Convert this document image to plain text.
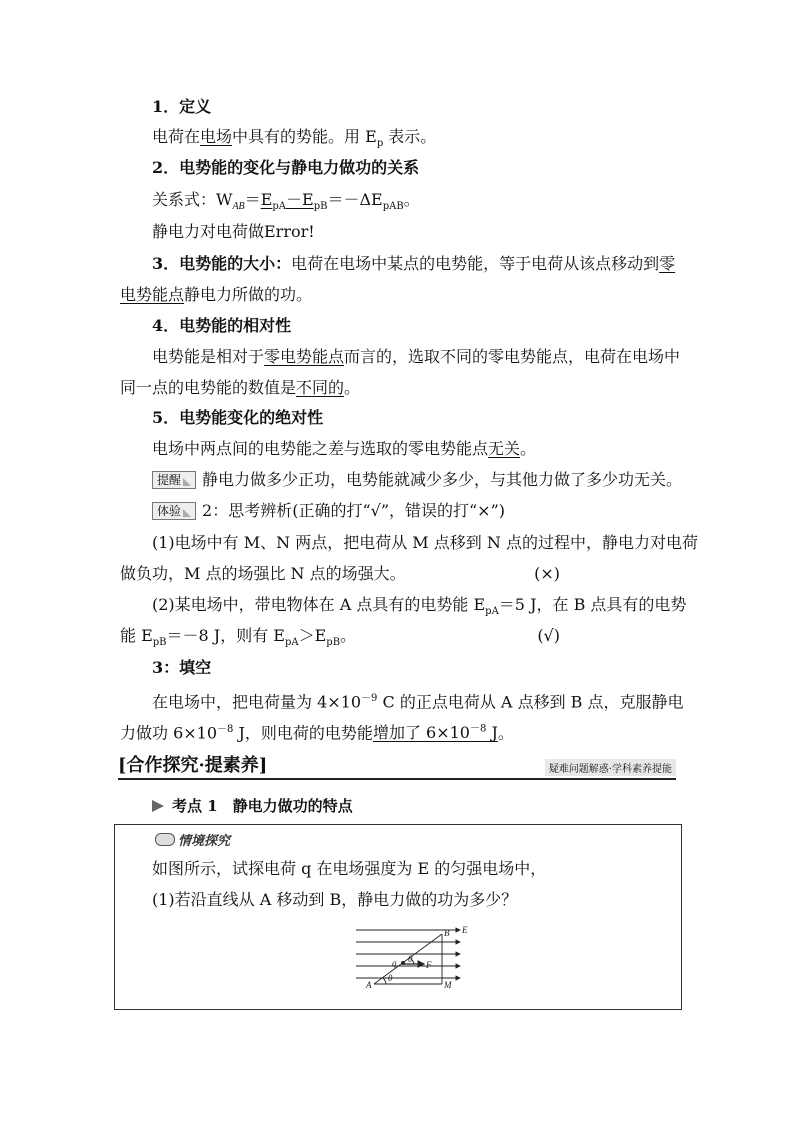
1．定义
电荷在电场中具有的势能。用 $E_p$ 表示。
2．电势能的变化与静电力做功的关系
关系式：$W_{AB}=E_{pA}-E_{pB}=-\Delta E_{pAB}$。
静电力对电荷做Error!
3．电势能的大小：电荷在电场中某点的电势能，等于电荷从该点移动到零
电势能点静电力所做的功。
4．电势能的相对性
电势能是相对于零电势能点而言的，选取不同的零电势能点，电荷在电场中
同一点的电势能的数值是不同的。
5．电势能变化的绝对性
电场中两点间的电势能之差与选取的零电势能点无关。
提醒 静电力做多少正功，电势能就减少多少，与其他力做了多少功无关。
体验 2：思考辨析(正确的打“√”，错误的打“×”)
(1)电场中有 M、N 两点，把电荷从 M 点移到 N 点的过程中，静电力对电荷
做负功，M 点的场强比 N 点的场强大。	(×)
(2)某电场中，带电物体在 A 点具有的电势能 $E_{pA}=5$ J，在 B 点具有的电势
能 $E_{pB}=-8$ J，则有 $E_{pA}>E_{pB}$。	(√)
3：填空
在电场中，把电荷量为 $4\times 10^{-9}$ C 的正点电荷从 A 点移到 B 点，克服静电
力做功 $6\times 10^{-8}$ J，则电荷的电势能增加了 $6\times 10^{-8}$ J。
[合作探究·提素养]	疑难问题解惑·学科素养提能
考点 1　静电力做功的特点
情境探究
如图所示，试探电荷 q 在电场强度为 E 的匀强电场中，
(1)若沿直线从 A 移动到 B，静电力做的功为多少？
E
B
q θ
F
θ
A	M
